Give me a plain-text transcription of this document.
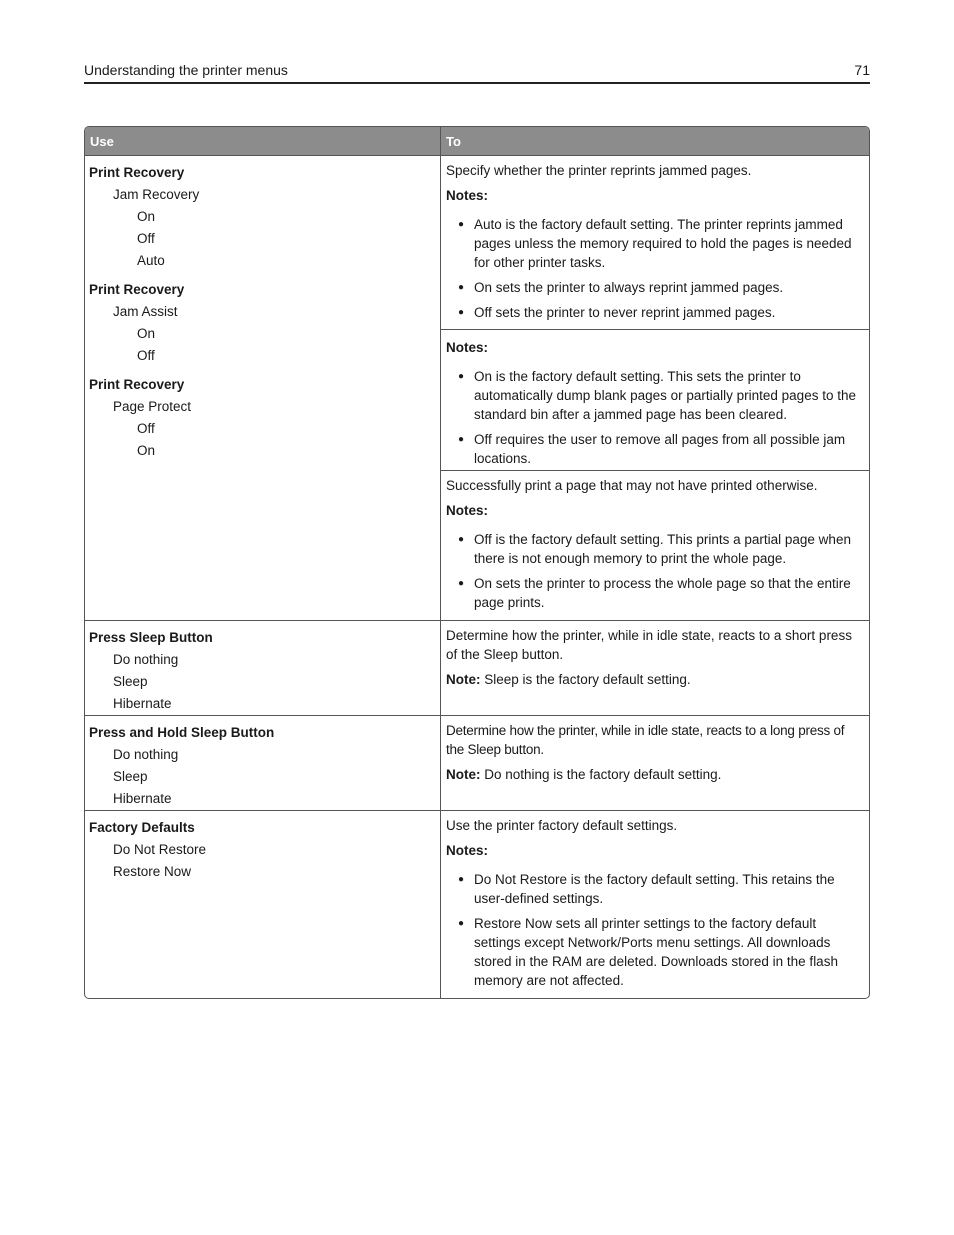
Understanding the printer menus	71
Use	To
Print Recovery
Jam Recovery
On
Off
Auto
Print Recovery
Jam Assist
On
Off
Print Recovery
Page Protect
Off
On

Specify whether the printer reprints jammed pages.

Notes:

● Auto is the factory default setting. The printer reprints jammed pages unless the memory required to hold the pages is needed for other printer tasks.
● On sets the printer to always reprint jammed pages.
● Off sets the printer to never reprint jammed pages.

Notes:

● On is the factory default setting. This sets the printer to automatically dump blank pages or partially printed pages to the standard bin after a jammed page has been cleared.
● Off requires the user to remove all pages from all possible jam locations.

Successfully print a page that may not have printed otherwise.

Notes:

● Off is the factory default setting. This prints a partial page when there is not enough memory to print the whole page.
● On sets the printer to process the whole page so that the entire page prints.
Press Sleep Button
Do nothing
Sleep
Hibernate

Determine how the printer, while in idle state, reacts to a short press of the Sleep button.

Note: Sleep is the factory default setting.

Press and Hold Sleep Button
Do nothing
Sleep
Hibernate

Determine how the printer, while in idle state, reacts to a long press of the Sleep button.

Note: Do nothing is the factory default setting.

Factory Defaults
Do Not Restore
Restore Now

Use the printer factory default settings.

Notes:

● Do Not Restore is the factory default setting. This retains the user-defined settings.
● Restore Now sets all printer settings to the factory default settings except Network/Ports menu settings. All downloads stored in the RAM are deleted. Downloads stored in the flash memory are not affected.
